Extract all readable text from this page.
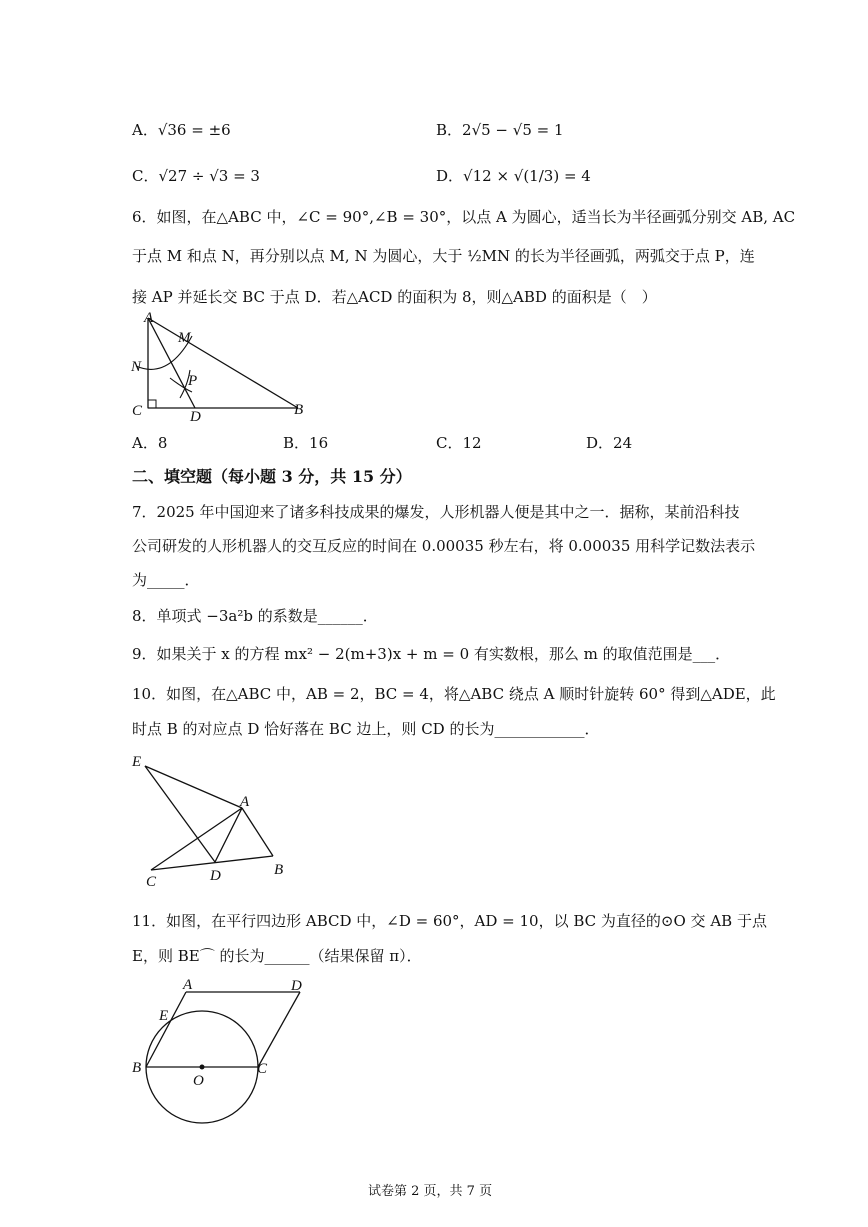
A．√36 = ±6	B．2√5 − √5 = 1
C．√27 ÷ √3 = 3	D．√12 × √(1/3) = 4
6．如图，在△ABC 中，∠C = 90°,∠B = 30°，以点 A 为圆心，适当长为半径画弧分别交 AB, AC
于点 M 和点 N，再分别以点 M, N 为圆心，大于 ½MN 的长为半径画弧，两弧交于点 P，连
接 AP 并延长交 BC 于点 D．若△ACD 的面积为 8，则△ABD 的面积是（　）
A
M
N
P
C	D	B
A．8	B．16	C．12	D．24
二、填空题（每小题 3 分，共 15 分）
7．2025 年中国迎来了诸多科技成果的爆发，人形机器人便是其中之一．据称，某前沿科技
公司研发的人形机器人的交互反应的时间在 0.00035 秒左右，将 0.00035 用科学记数法表示
为_____．
8．单项式 −3a²b 的系数是______．
9．如果关于 x 的方程 mx² − 2(m+3)x + m = 0 有实数根，那么 m 的取值范围是___．
10．如图，在△ABC 中，AB = 2，BC = 4，将△ABC 绕点 A 顺时针旋转 60° 得到△ADE，此
时点 B 的对应点 D 恰好落在 BC 边上，则 CD 的长为____________．
E
A
C	D	B
11．如图，在平行四边形 ABCD 中，∠D = 60°，AD = 10，以 BC 为直径的⊙O 交 AB 于点
E，则 BE⌒ 的长为______（结果保留 π）．
A	D
E
B
O
C
试卷第 2 页，共 7 页
